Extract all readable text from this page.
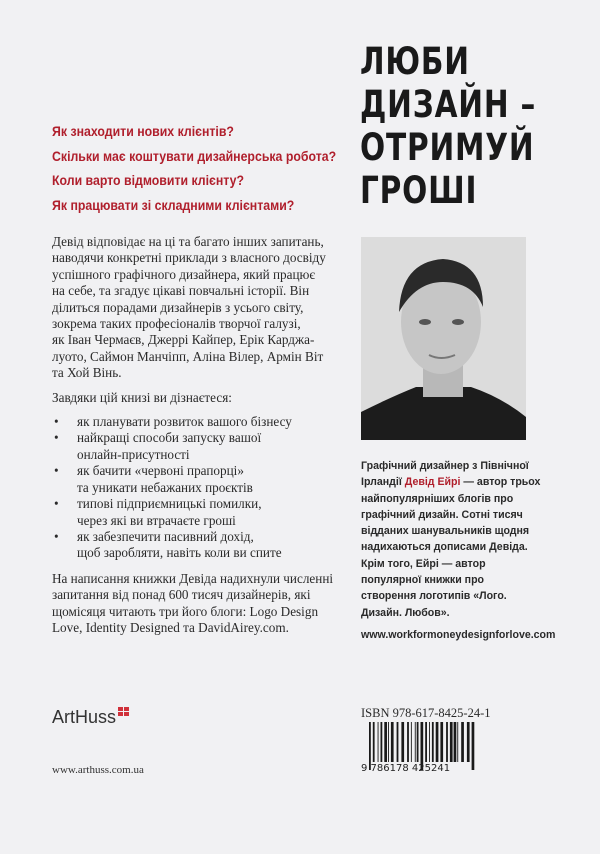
Як знаходити нових клієнтів?
Скільки має коштувати дизайнерська робота?
Коли варто відмовити клієнту?
Як працювати зі складними клієнтами?
ЛЮБИ
ДИЗАЙН –
ОТРИМУЙ
ГРОШІ

Девід відповідає на ці та багато інших запитань,
наводячи конкретні приклади з власного досвіду
успішного графічного дизайнера, який працює
на себе, та згадує цікаві повчальні історії. Він
ділиться порадами дизайнерів з усього світу,
зокрема таких професіоналів творчої галузі,
як Іван Чермаєв, Джеррі Кайпер, Ерік Карджа-
луото, Саймон Манчіпп, Аліна Вілер, Армін Віт
та Хой Вінь.

Завдяки цій книзі ви дізнаєтеся:

• як планувати розвиток вашого бізнесу
• найкращі способи запуску вашої
онлайн-присутності
• як бачити «червоні прапорці»
та уникати небажаних проєктів
• типові підприємницькі помилки,
через які ви втрачаєте гроші
• як забезпечити пасивний дохід,
щоб заробляти, навіть коли ви спите

На написання книжки Девіда надихнули численні
запитання від понад 600 тисяч дизайнерів, які
щомісяця читають три його блоги: Logo Design
Love, Identity Designed та DavidAirey.com.

Графічний дизайнер з Північної Ірландії Девід Ейрі — автор трьох найпопулярніших блогів про графічний дизайн. Сотні тисяч відданих шанувальників щодня надихаються дописами Девіда. Крім того, Ейрі — автор популярної книжки про створення логотипів «Лого. Дизайн. Любов».
www.workformoneydesignforlove.com
ISBN 978-617-8425-24-1
9 786178 425241
ArtHuss
www.arthuss.com.ua
